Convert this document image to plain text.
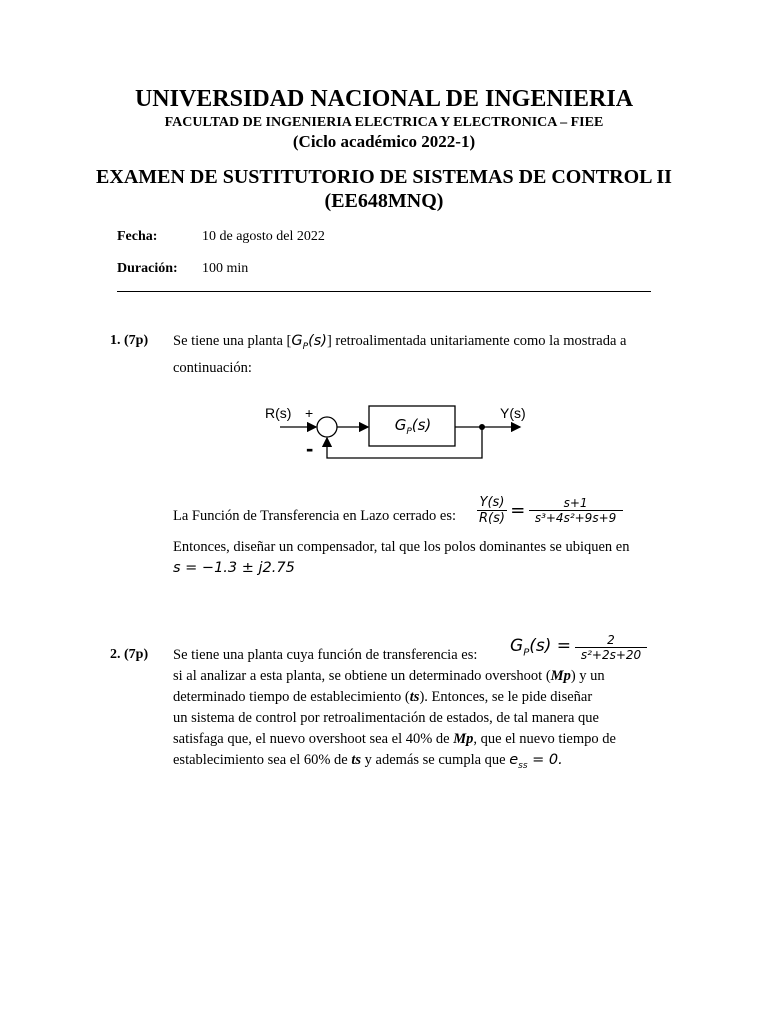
UNIVERSIDAD NACIONAL DE INGENIERIA
FACULTAD DE INGENIERIA ELECTRICA Y ELECTRONICA – FIEE
(Ciclo académico 2022-1)
EXAMEN DE SUSTITUTORIO DE SISTEMAS DE CONTROL II
(EE648MNQ)
Fecha:	10 de agosto del 2022
Duración: 100 min
1. (7p) Se tiene una planta $[G_P(s)]$ retroalimentada unitariamente como la mostrada a
continuación:
R(s) +	Y(s)
-
$G_P(s)$
La Función de Transferencia en Lazo cerrado es: $\frac{Y(s)}{R(s)} = \frac{s+1}{\text{s³+4s²+9s+9}}$
Entonces, diseñar un compensador, tal que los polos dominantes se ubiquen en
s = −1.3 ± j2.75
2. (7p) Se tiene una planta cuya función de transferencia es: $G_P(s) = \frac{2}{\text{s²+2s+20}}$
si al analizar a esta planta, se obtiene un determinado overshoot (Mp) y un
determinado tiempo de establecimiento (ts). Entonces, se le pide diseñar
un sistema de control por retroalimentación de estados, de tal manera que
satisfaga que, el nuevo overshoot sea el 40% de Mp, que el nuevo tiempo de
establecimiento sea el 60% de ts y además se cumpla que $e_{ss} = 0$.
